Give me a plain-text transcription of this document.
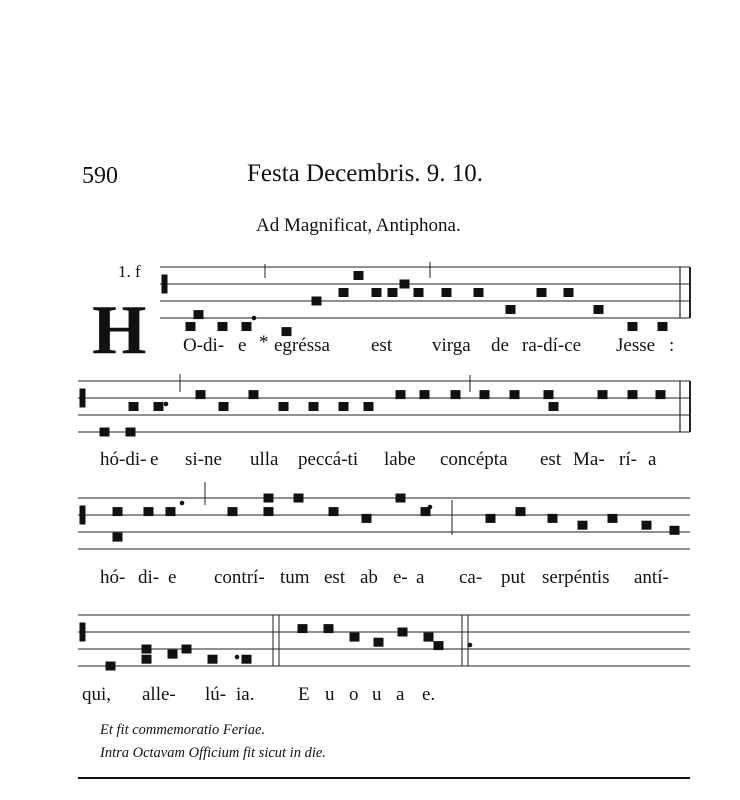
590	Festa Decembris. 9. 10.
Ad Magnificat, Antiphona.
1. f
H O-di- e * egréssa est virga de ra-dí-ce Jesse :
hó-di- e si-ne ulla peccá-ti labe concépta est Ma- rí- a
hó- di- e contrí- tum est ab e- a ca- put serpéntis antí-
qui, alle- lú- ia. E u o u a e.
Et fit commemoratio Feriae.
Intra Octavam Officium fit sicut in die.
